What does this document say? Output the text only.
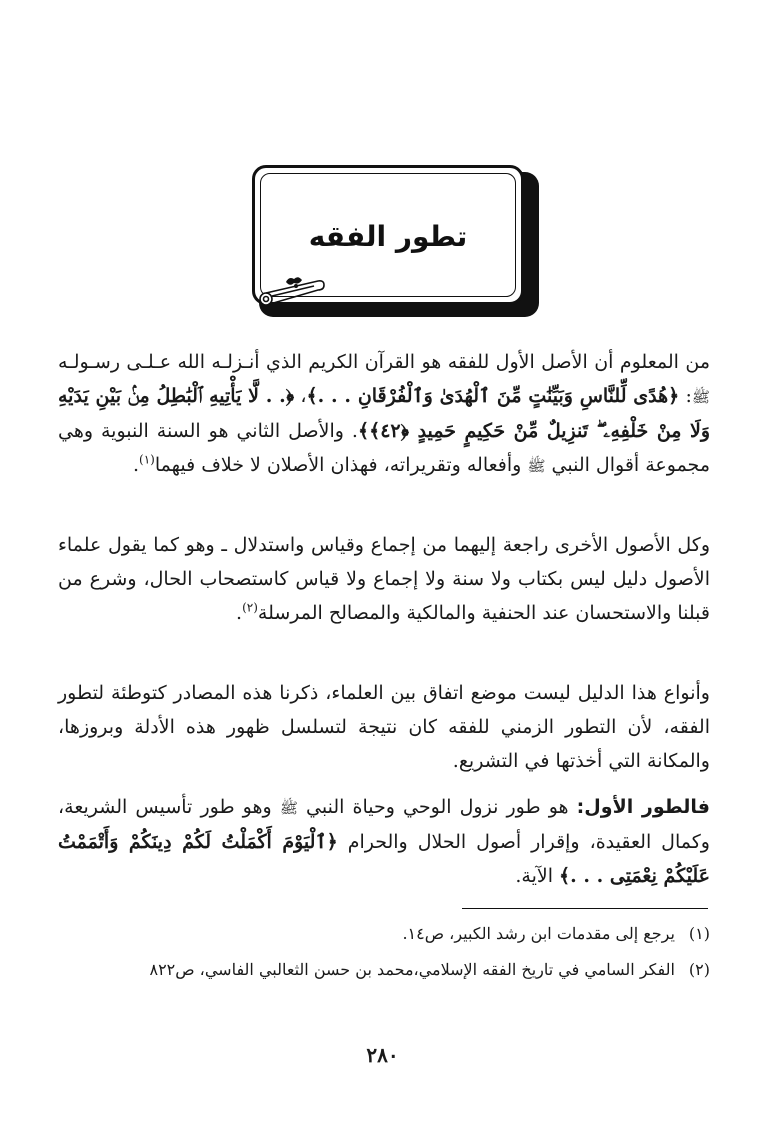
تطور الفقه
من المعلوم أن الأصل الأول للفقه هو القرآن الكريم الذي أنـزلـه الله عـلـى رسـولـه ﷺ: ﴿هُدًى لِّلنَّاسِ وَبَيِّنَٰتٍ مِّنَ ٱلْهُدَىٰ وَٱلْفُرْقَانِ . . .﴾، ﴿. . لَّا يَأْتِيهِ ٱلْبَٰطِلُ مِنۢ بَيْنِ يَدَيْهِ وَلَا مِنْ خَلْفِهِۦ ۖ تَنزِيلٌ مِّنْ حَكِيمٍ حَمِيدٍ ﴿٤٢﴾﴾. والأصل الثاني هو السنة النبوية وهي مجموعة أقوال النبي ﷺ وأفعاله وتقريراته، فهذان الأصلان لا خلاف فيهما$^{(١)}$.
وكل الأصول الأخرى راجعة إليهما من إجماع وقياس واستدلال ـ وهو كما يقول علماء الأصول دليل ليس بكتاب ولا سنة ولا إجماع ولا قياس كاستصحاب الحال، وشرع من قبلنا والاستحسان عند الحنفية والمالكية والمصالح المرسلة$^{(٢)}$.
وأنواع هذا الدليل ليست موضع اتفاق بين العلماء، ذكرنا هذه المصادر كتوطئة لتطور الفقه، لأن التطور الزمني للفقه كان نتيجة لتسلسل ظهور هذه الأدلة وبروزها، والمكانة التي أخذتها في التشريع.
فالطور الأول: هو طور نزول الوحي وحياة النبي ﷺ وهو طور تأسيس الشريعة، وكمال العقيدة، وإقرار أصول الحلال والحرام ﴿ٱلْيَوْمَ أَكْمَلْتُ لَكُمْ دِينَكُمْ وَأَتْمَمْتُ عَلَيْكُمْ نِعْمَتِى . . .﴾ الآية.
(١) يرجع إلى مقدمات ابن رشد الكبير، ص١٤.
(٢) الفكر السامي في تاريخ الفقه الإسلامي،محمد بن حسن الثعالبي الفاسي، ص٨٢٢
٢٨٠
